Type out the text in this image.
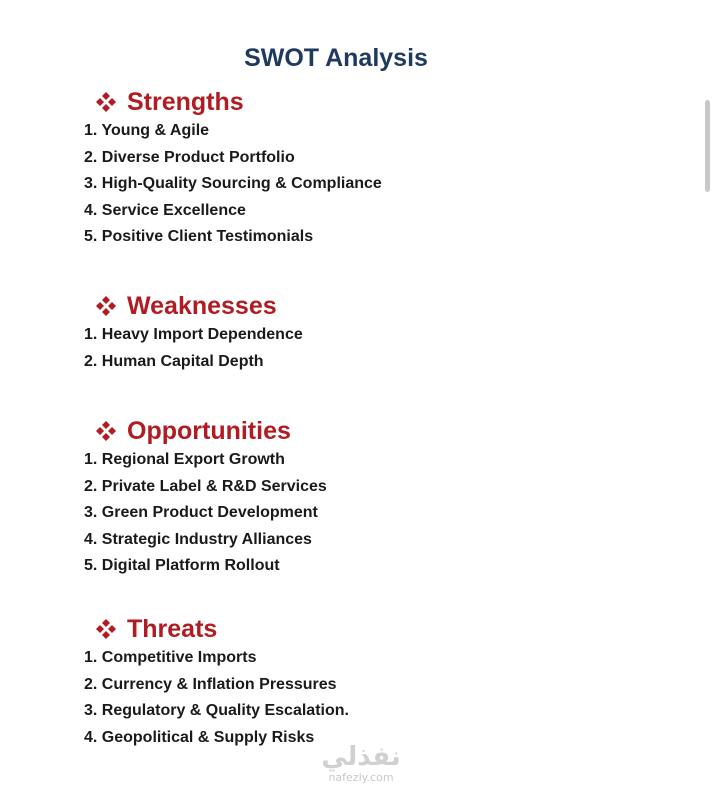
SWOT Analysis
Strengths
1. Young & Agile
2. Diverse Product Portfolio
3. High-Quality Sourcing & Compliance
4. Service Excellence
5. Positive Client Testimonials
Weaknesses
1. Heavy Import Dependence
2. Human Capital Depth
Opportunities
1. Regional Export Growth
2. Private Label & R&D Services
3. Green Product Development
4. Strategic Industry Alliances
5. Digital Platform Rollout
Threats
1. Competitive Imports
2. Currency & Inflation Pressures
3. Regulatory & Quality Escalation.
4. Geopolitical & Supply Risks
نفذلي
nafezly.com
